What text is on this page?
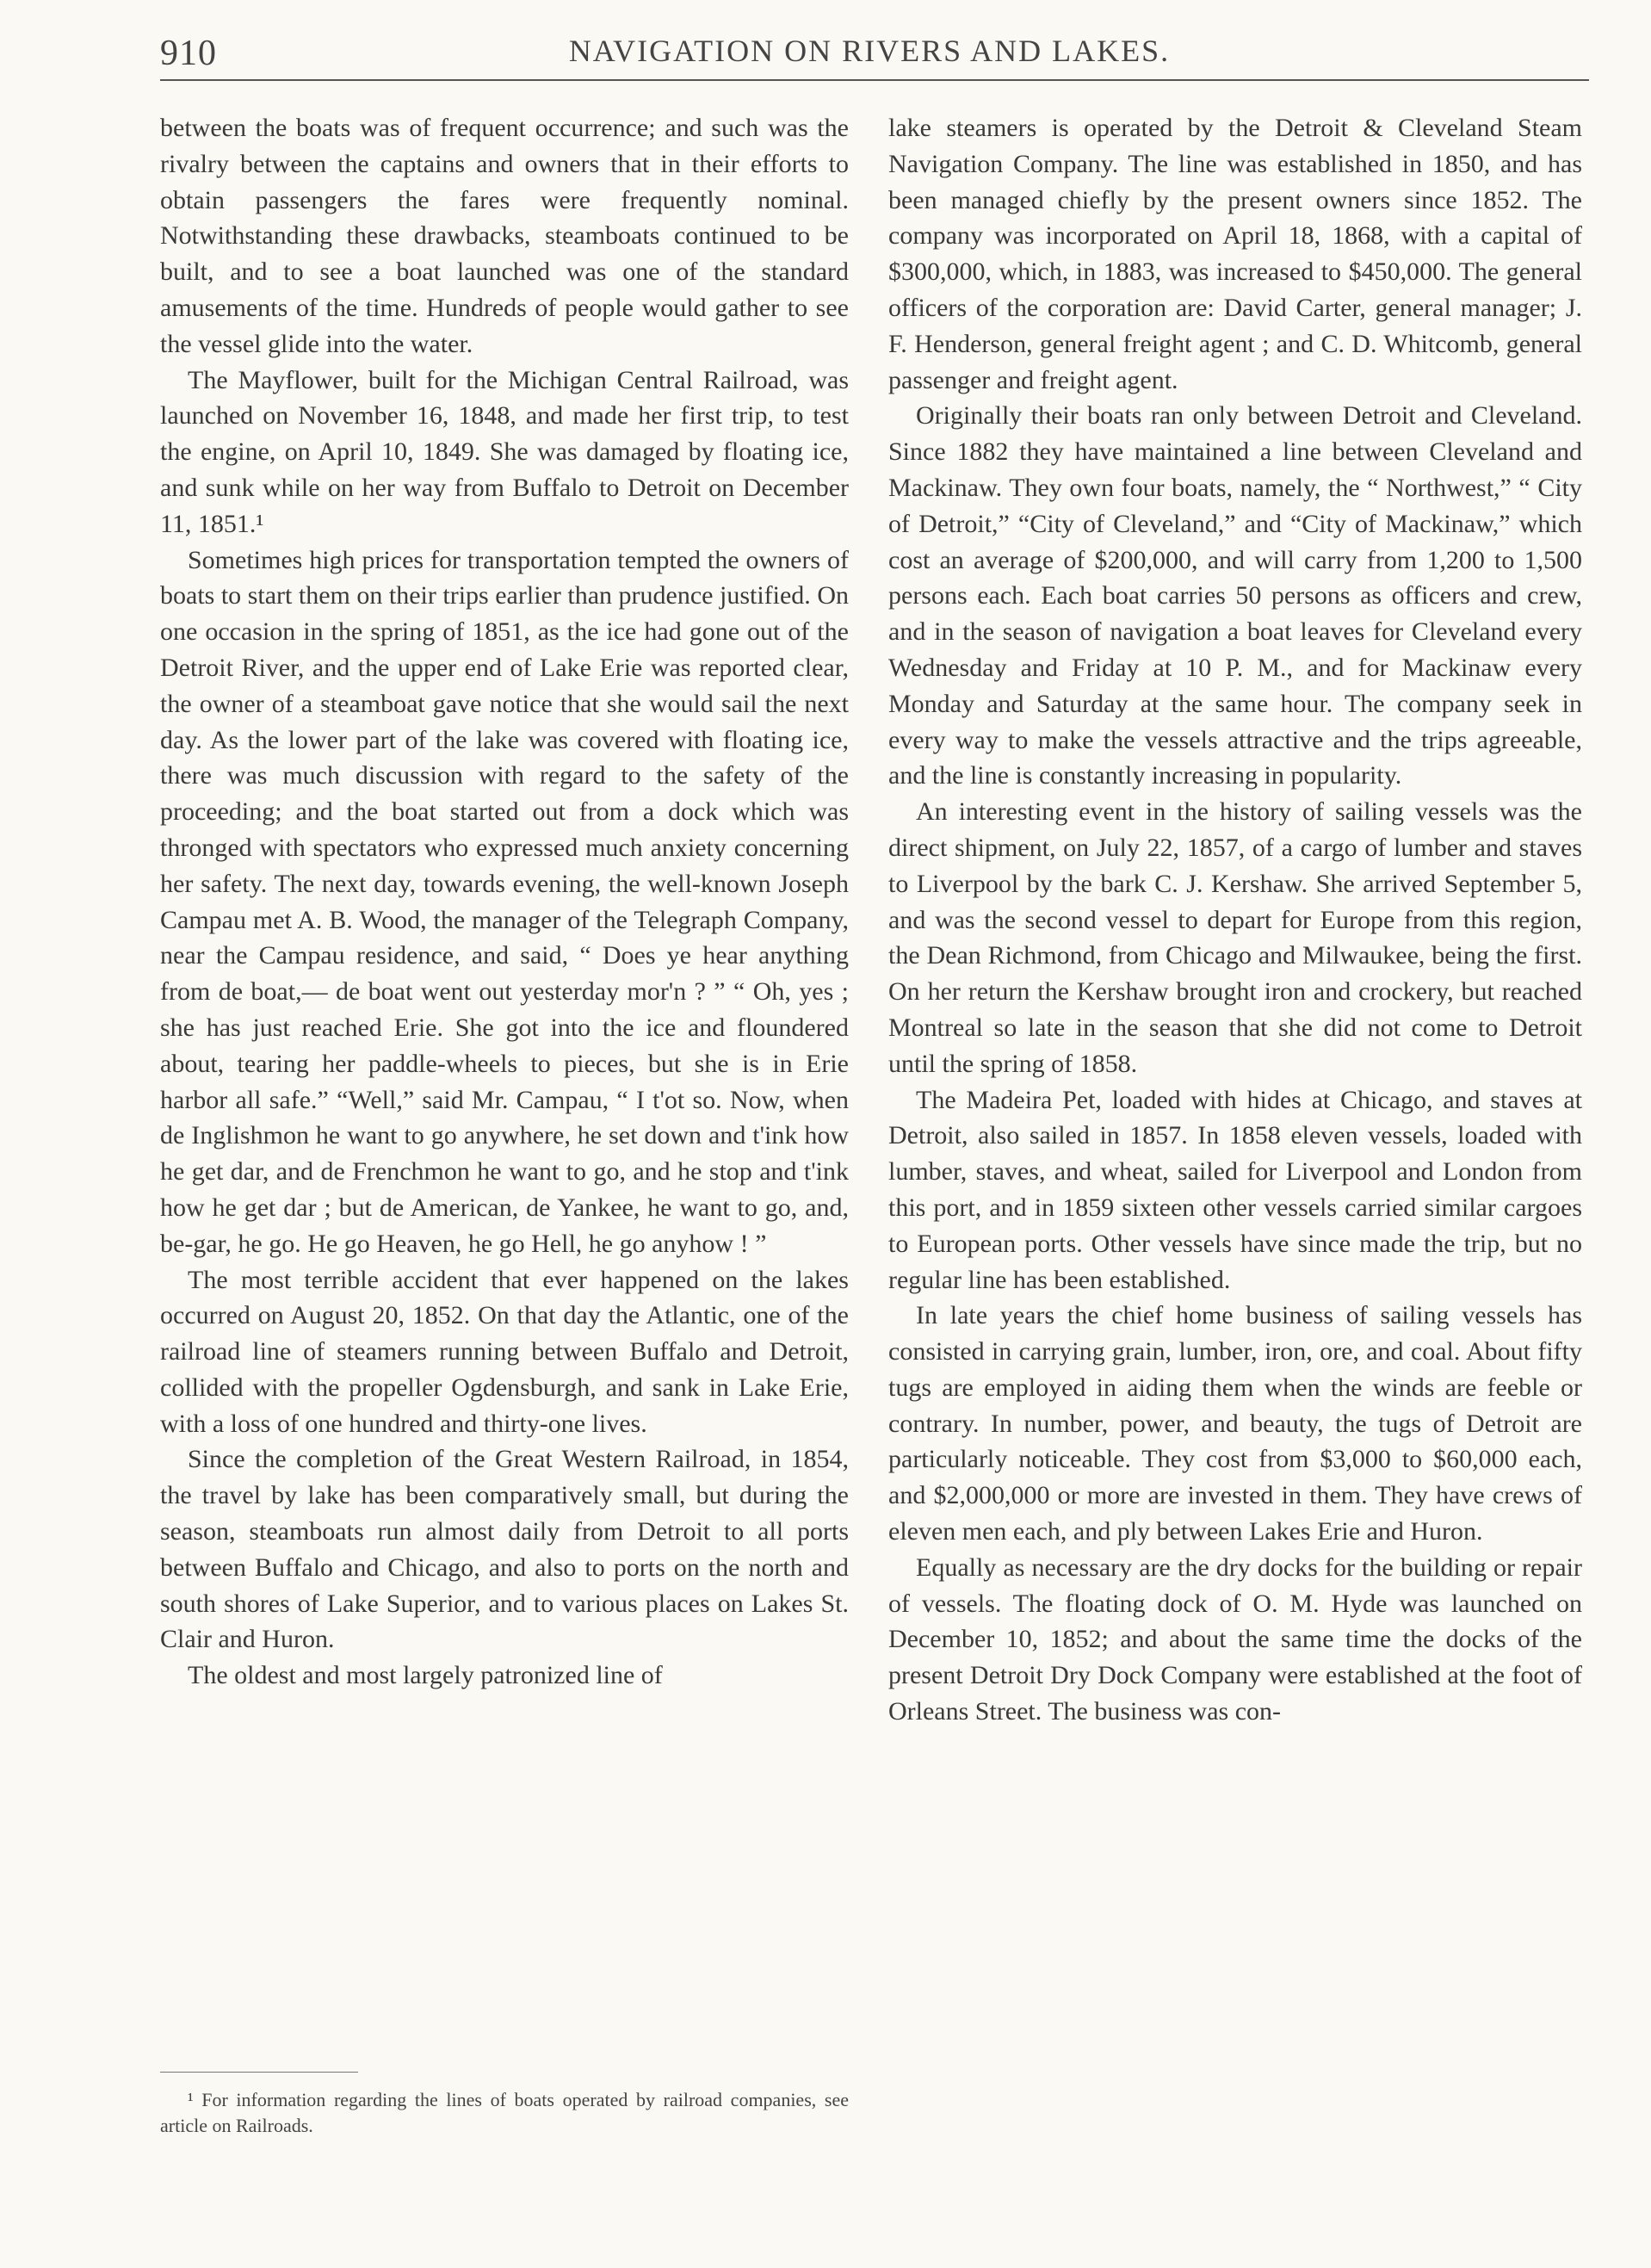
910	NAVIGATION ON RIVERS AND LAKES.

between the boats was of frequent occurrence; and such was the rivalry between the captains and owners that in their efforts to obtain passengers the fares were frequently nominal. Notwithstanding these drawbacks, steamboats continued to be built, and to see a boat launched was one of the standard amusements of the time. Hundreds of people would gather to see the vessel glide into the water.

The Mayflower, built for the Michigan Central Railroad, was launched on November 16, 1848, and made her first trip, to test the engine, on April 10, 1849. She was damaged by floating ice, and sunk while on her way from Buffalo to Detroit on December 11, 1851.¹

Sometimes high prices for transportation tempted the owners of boats to start them on their trips earlier than prudence justified. On one occasion in the spring of 1851, as the ice had gone out of the Detroit River, and the upper end of Lake Erie was reported clear, the owner of a steamboat gave notice that she would sail the next day. As the lower part of the lake was covered with floating ice, there was much discussion with regard to the safety of the proceeding; and the boat started out from a dock which was thronged with spectators who expressed much anxiety concerning her safety. The next day, towards evening, the well-known Joseph Campau met A. B. Wood, the manager of the Telegraph Company, near the Campau residence, and said, “ Does ye hear anything from de boat,— de boat went out yesterday mor'n ? ” “ Oh, yes ; she has just reached Erie. She got into the ice and floundered about, tearing her paddle-wheels to pieces, but she is in Erie harbor all safe.” “Well,” said Mr. Campau, “ I t'ot so. Now, when de Inglishmon he want to go anywhere, he set down and t'ink how he get dar, and de Frenchmon he want to go, and he stop and t'ink how he get dar ; but de American, de Yankee, he want to go, and, be-gar, he go. He go Heaven, he go Hell, he go anyhow ! ”

The most terrible accident that ever happened on the lakes occurred on August 20, 1852. On that day the Atlantic, one of the railroad line of steamers running between Buffalo and Detroit, collided with the propeller Ogdensburgh, and sank in Lake Erie, with a loss of one hundred and thirty-one lives.

Since the completion of the Great Western Railroad, in 1854, the travel by lake has been comparatively small, but during the season, steamboats run almost daily from Detroit to all ports between Buffalo and Chicago, and also to ports on the north and south shores of Lake Superior, and to various places on Lakes St. Clair and Huron.

The oldest and most largely patronized line of

¹ For information regarding the lines of boats operated by railroad companies, see article on Railroads.

lake steamers is operated by the Detroit & Cleveland Steam Navigation Company. The line was established in 1850, and has been managed chiefly by the present owners since 1852. The company was incorporated on April 18, 1868, with a capital of $300,000, which, in 1883, was increased to $450,000. The general officers of the corporation are: David Carter, general manager; J. F. Henderson, general freight agent ; and C. D. Whitcomb, general passenger and freight agent.

Originally their boats ran only between Detroit and Cleveland. Since 1882 they have maintained a line between Cleveland and Mackinaw. They own four boats, namely, the “ Northwest,” “ City of Detroit,” “City of Cleveland,” and “City of Mackinaw,” which cost an average of $200,000, and will carry from 1,200 to 1,500 persons each. Each boat carries 50 persons as officers and crew, and in the season of navigation a boat leaves for Cleveland every Wednesday and Friday at 10 P. M., and for Mackinaw every Monday and Saturday at the same hour. The company seek in every way to make the vessels attractive and the trips agreeable, and the line is constantly increasing in popularity.

An interesting event in the history of sailing vessels was the direct shipment, on July 22, 1857, of a cargo of lumber and staves to Liverpool by the bark C. J. Kershaw. She arrived September 5, and was the second vessel to depart for Europe from this region, the Dean Richmond, from Chicago and Milwaukee, being the first. On her return the Kershaw brought iron and crockery, but reached Montreal so late in the season that she did not come to Detroit until the spring of 1858.

The Madeira Pet, loaded with hides at Chicago, and staves at Detroit, also sailed in 1857. In 1858 eleven vessels, loaded with lumber, staves, and wheat, sailed for Liverpool and London from this port, and in 1859 sixteen other vessels carried similar cargoes to European ports. Other vessels have since made the trip, but no regular line has been established.

In late years the chief home business of sailing vessels has consisted in carrying grain, lumber, iron, ore, and coal. About fifty tugs are employed in aiding them when the winds are feeble or contrary. In number, power, and beauty, the tugs of Detroit are particularly noticeable. They cost from $3,000 to $60,000 each, and $2,000,000 or more are invested in them. They have crews of eleven men each, and ply between Lakes Erie and Huron.

Equally as necessary are the dry docks for the building or repair of vessels. The floating dock of O. M. Hyde was launched on December 10, 1852; and about the same time the docks of the present Detroit Dry Dock Company were established at the foot of Orleans Street. The business was con-
